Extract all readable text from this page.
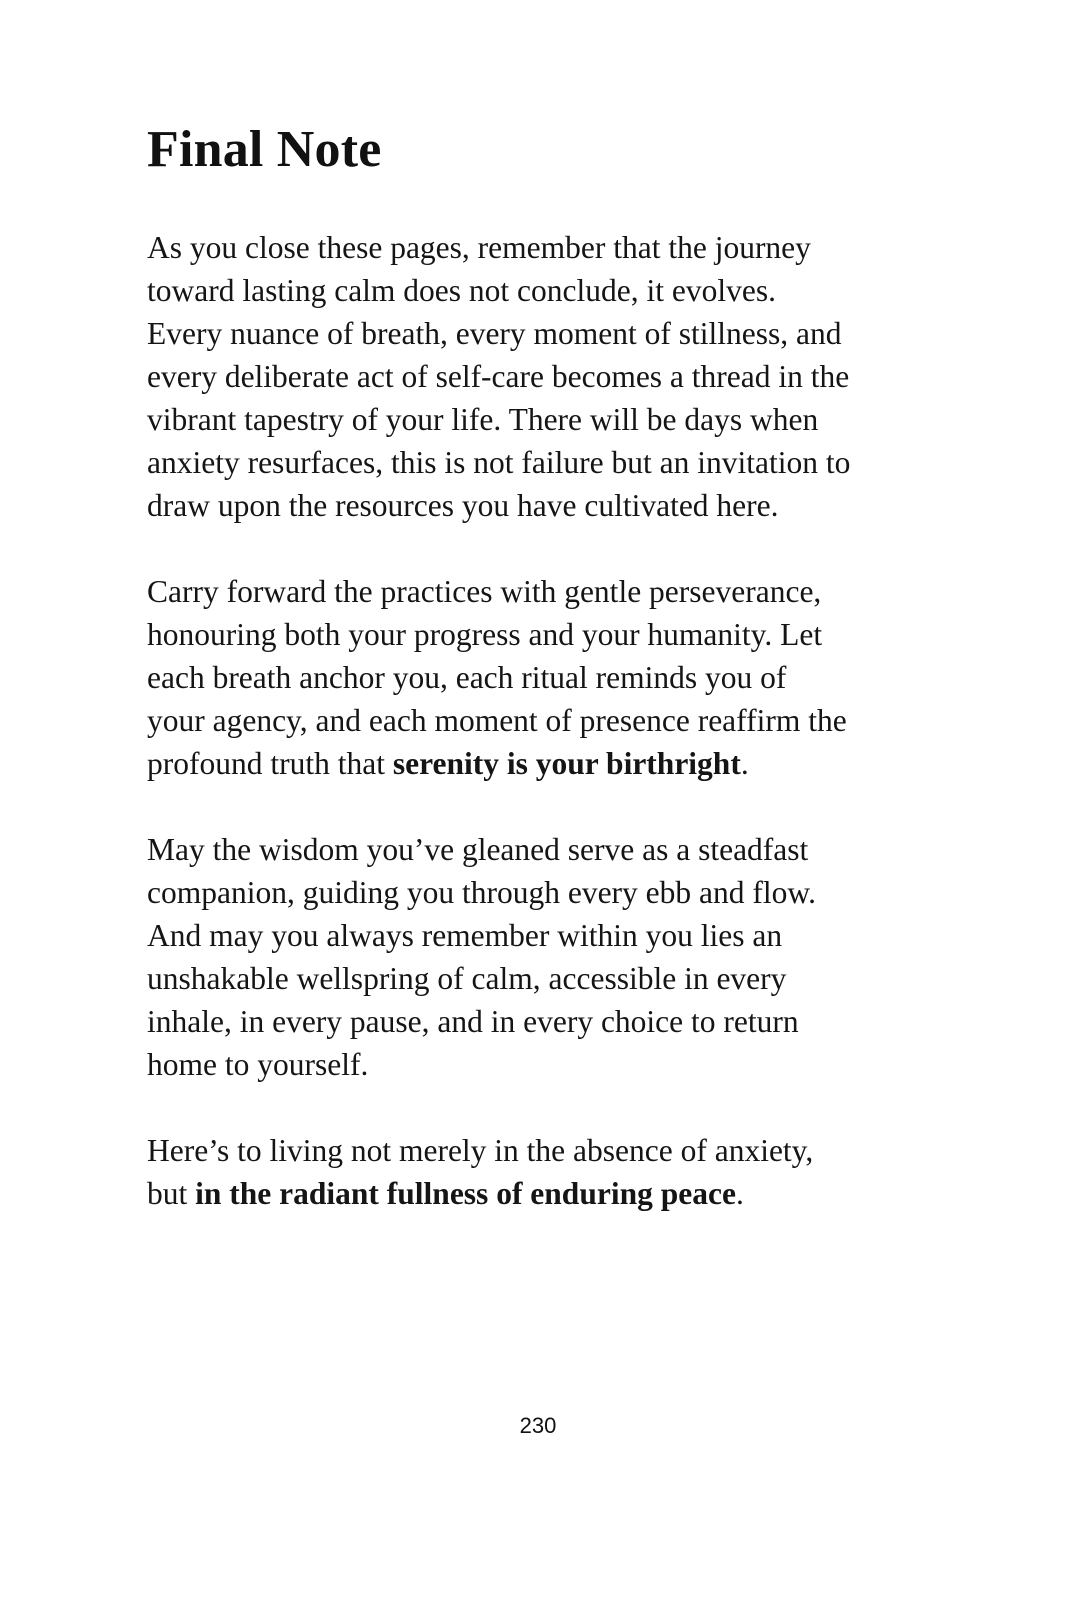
Final Note

As you close these pages, remember that the journey
toward lasting calm does not conclude, it evolves.
Every nuance of breath, every moment of stillness, and
every deliberate act of self-care becomes a thread in the
vibrant tapestry of your life. There will be days when
anxiety resurfaces, this is not failure but an invitation to
draw upon the resources you have cultivated here.

Carry forward the practices with gentle perseverance,
honouring both your progress and your humanity. Let
each breath anchor you, each ritual reminds you of
your agency, and each moment of presence reaffirm the
profound truth that serenity is your birthright.

May the wisdom you’ve gleaned serve as a steadfast
companion, guiding you through every ebb and flow.
And may you always remember within you lies an
unshakable wellspring of calm, accessible in every
inhale, in every pause, and in every choice to return
home to yourself.

Here’s to living not merely in the absence of anxiety,
but in the radiant fullness of enduring peace.

230
